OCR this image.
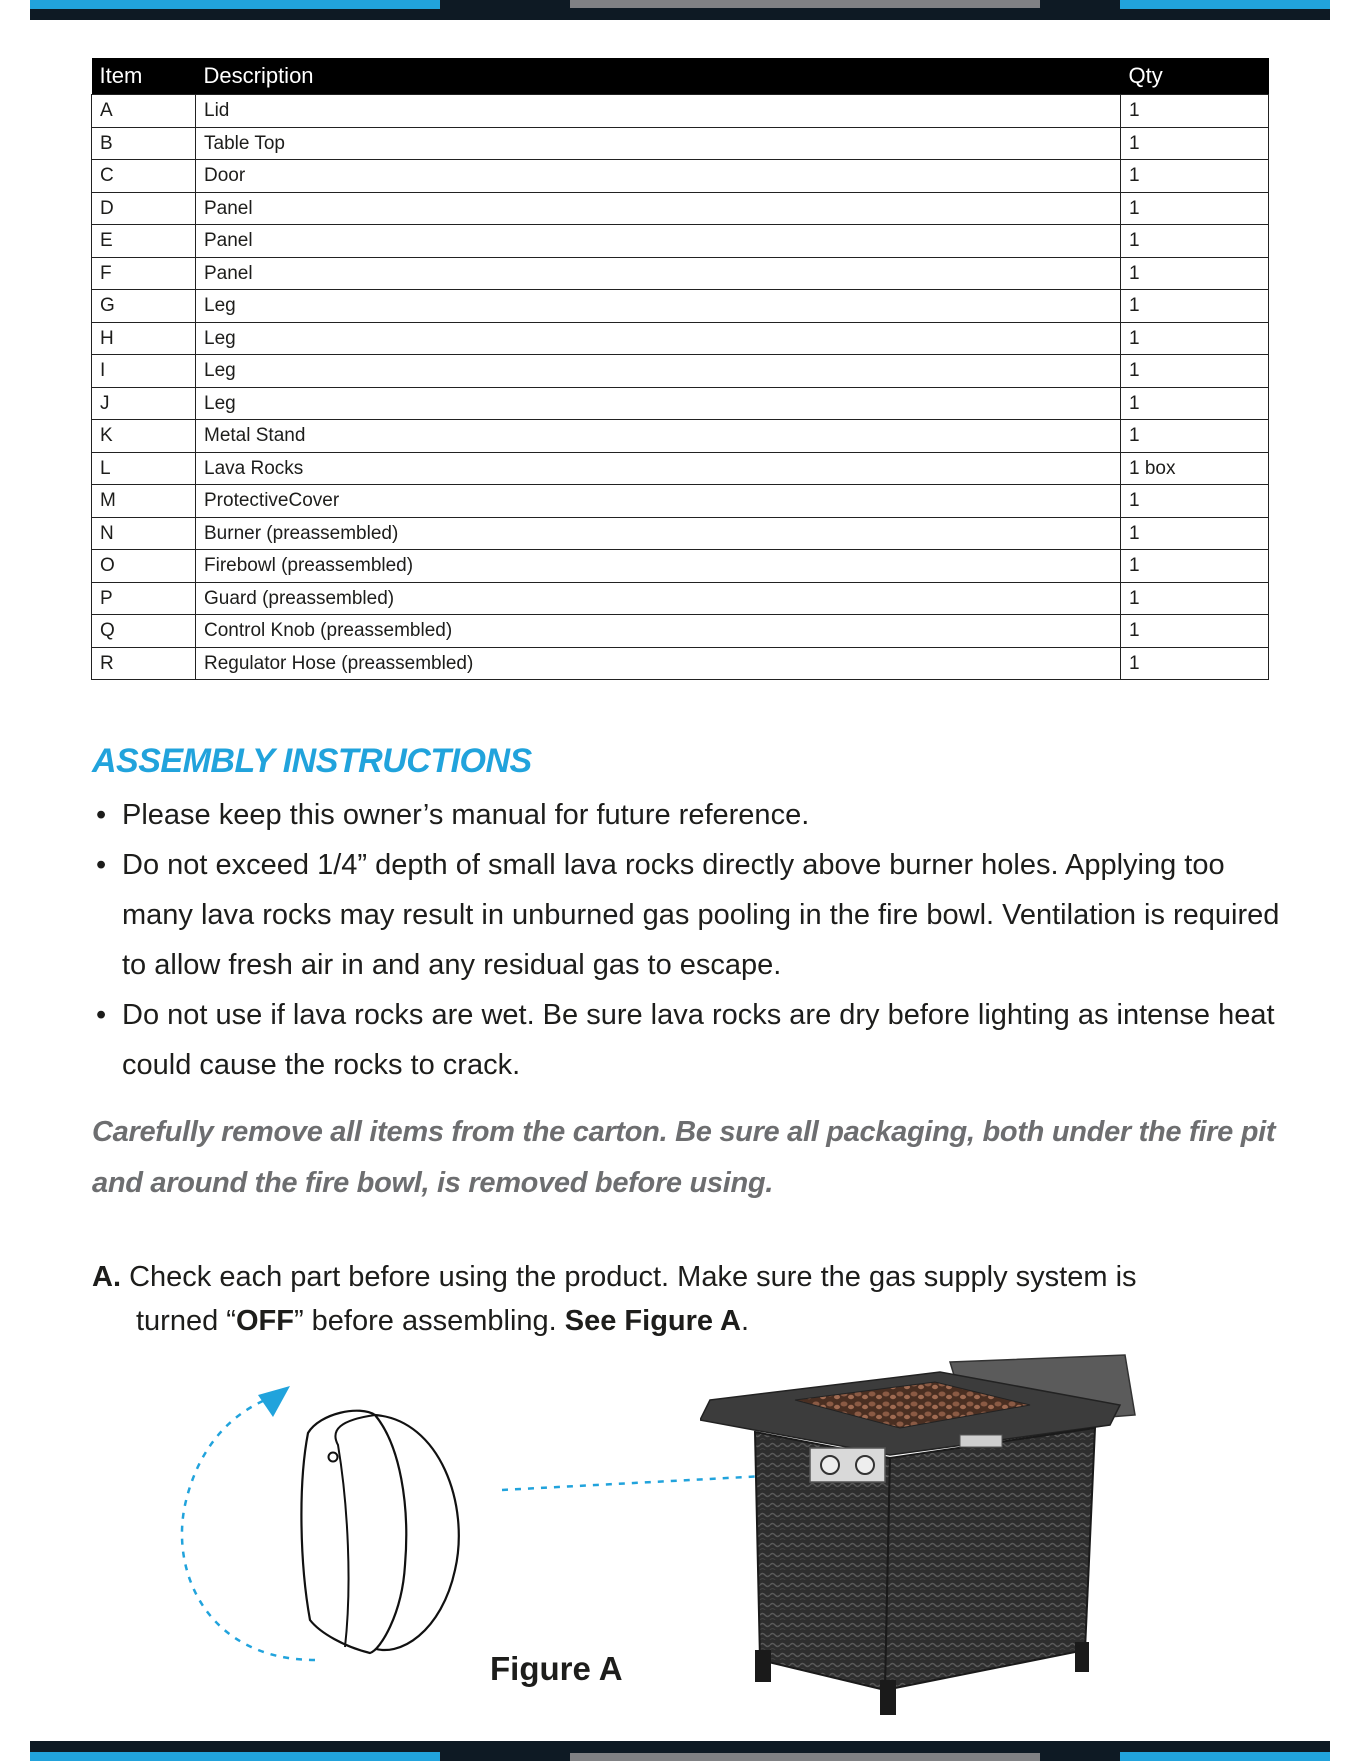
Item	Description	Qty
A	Lid	1
B	Table Top	1
C	Door	1
D	Panel	1
E	Panel	1
F	Panel	1
G	Leg	1
H	Leg	1
I	Leg	1
J	Leg	1
K	Metal Stand	1
L	Lava Rocks	1 box
M	ProtectiveCover	1
N	Burner (preassembled)	1
O	Firebowl (preassembled)	1
P	Guard (preassembled)	1
Q	Control Knob (preassembled)	1
R	Regulator Hose (preassembled)	1
ASSEMBLY INSTRUCTIONS
• Please keep this owner’s manual for future reference.
• Do not exceed 1/4” depth of small lava rocks directly above burner holes. Applying too many lava rocks may result in unburned gas pooling in the fire bowl. Ventilation is required to allow fresh air in and any residual gas to escape.
• Do not use if lava rocks are wet. Be sure lava rocks are dry before lighting as intense heat could cause the rocks to crack.
Carefully remove all items from the carton. Be sure all packaging, both under the fire pit and around the fire bowl, is removed before using.
A. Check each part before using the product. Make sure the gas supply system is
turned “OFF” before assembling. See Figure A.
Figure A
